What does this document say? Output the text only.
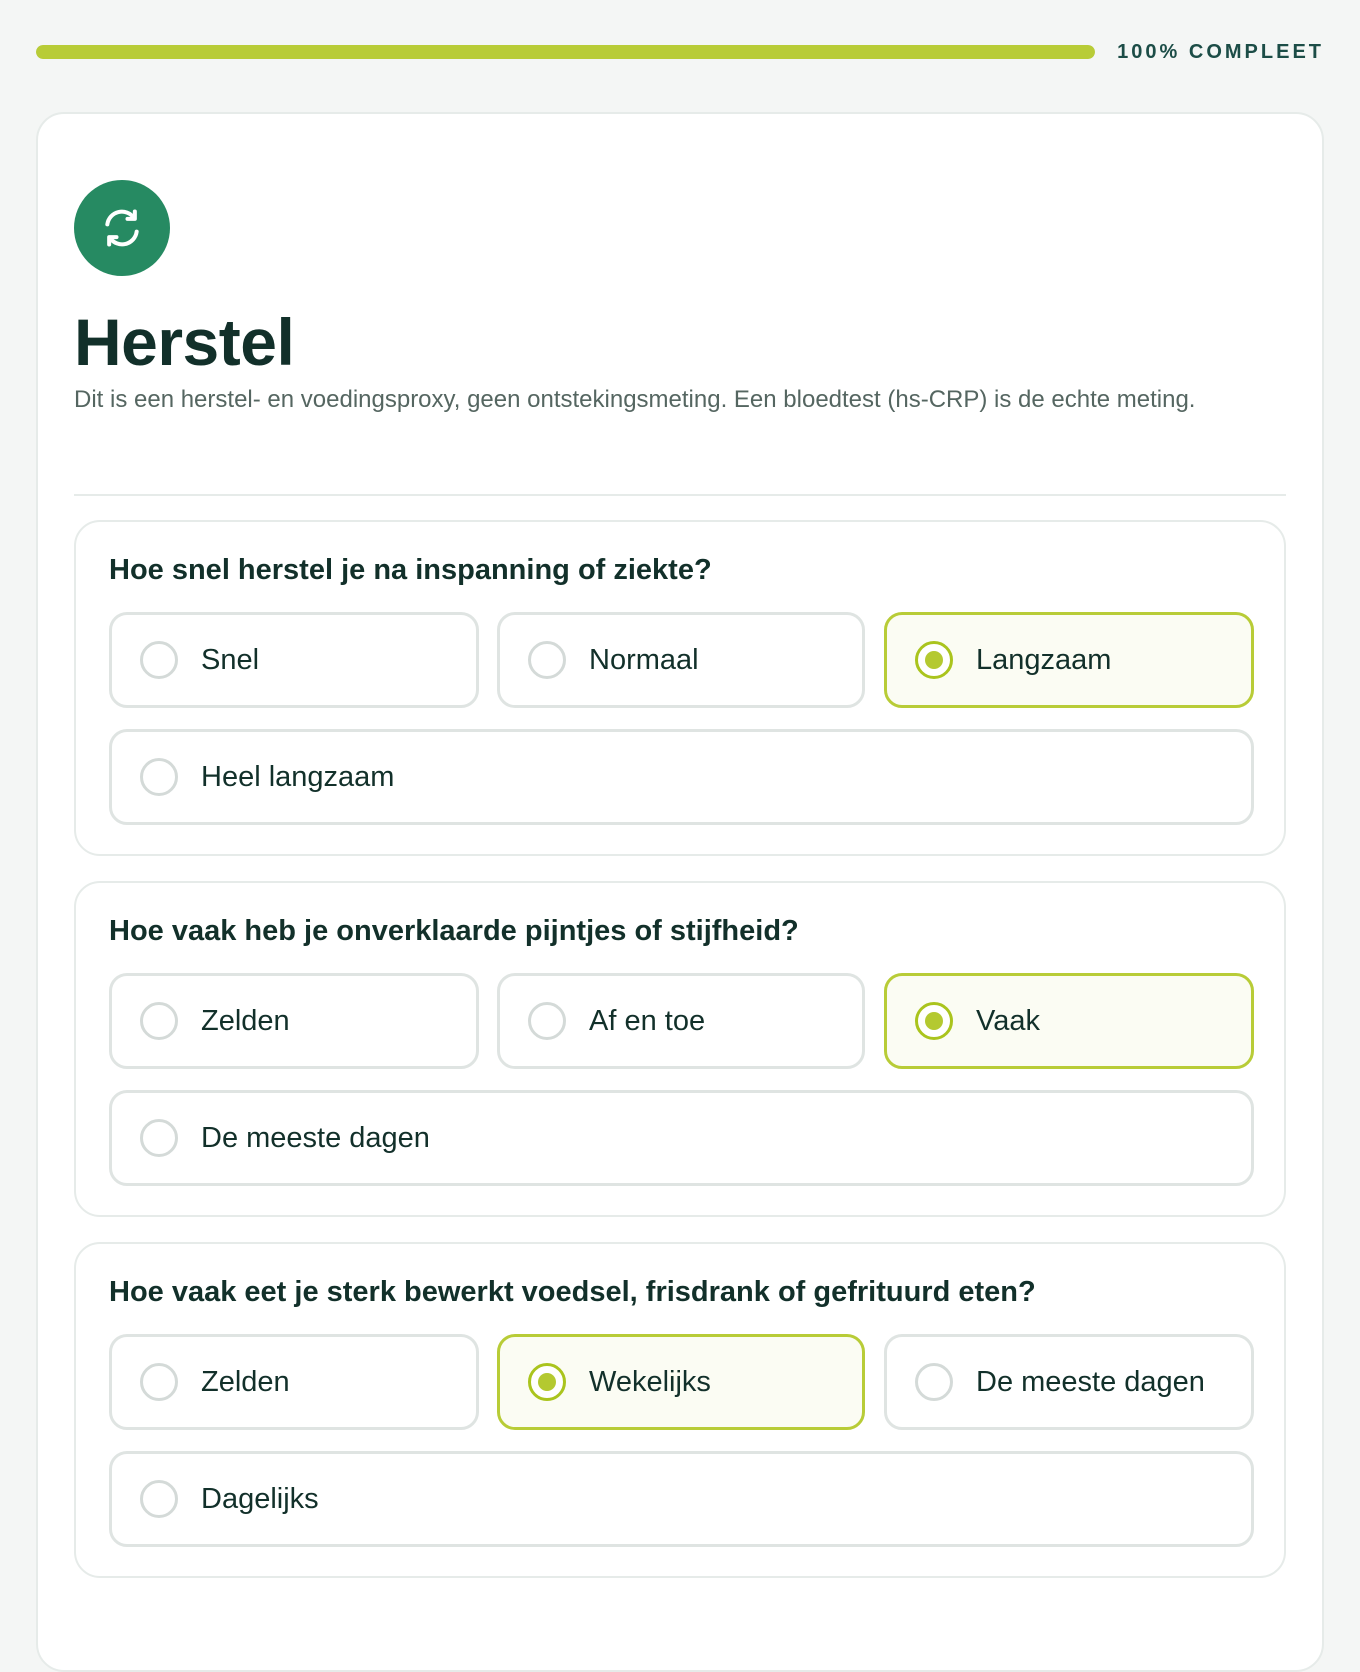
100% COMPLEET
Herstel

Dit is een herstel- en voedingsproxy, geen ontstekingsmeting. Een bloedtest (hs-CRP) is de echte meting.

Hoe snel herstel je na inspanning of ziekte?
Snel	Normaal	Langzaam
Heel langzaam
Hoe vaak heb je onverklaarde pijntjes of stijfheid?
Zelden	Af en toe	Vaak
De meeste dagen
Hoe vaak eet je sterk bewerkt voedsel, frisdrank of gefrituurd eten?
Zelden	Wekelijks	De meeste dagen
Dagelijks
